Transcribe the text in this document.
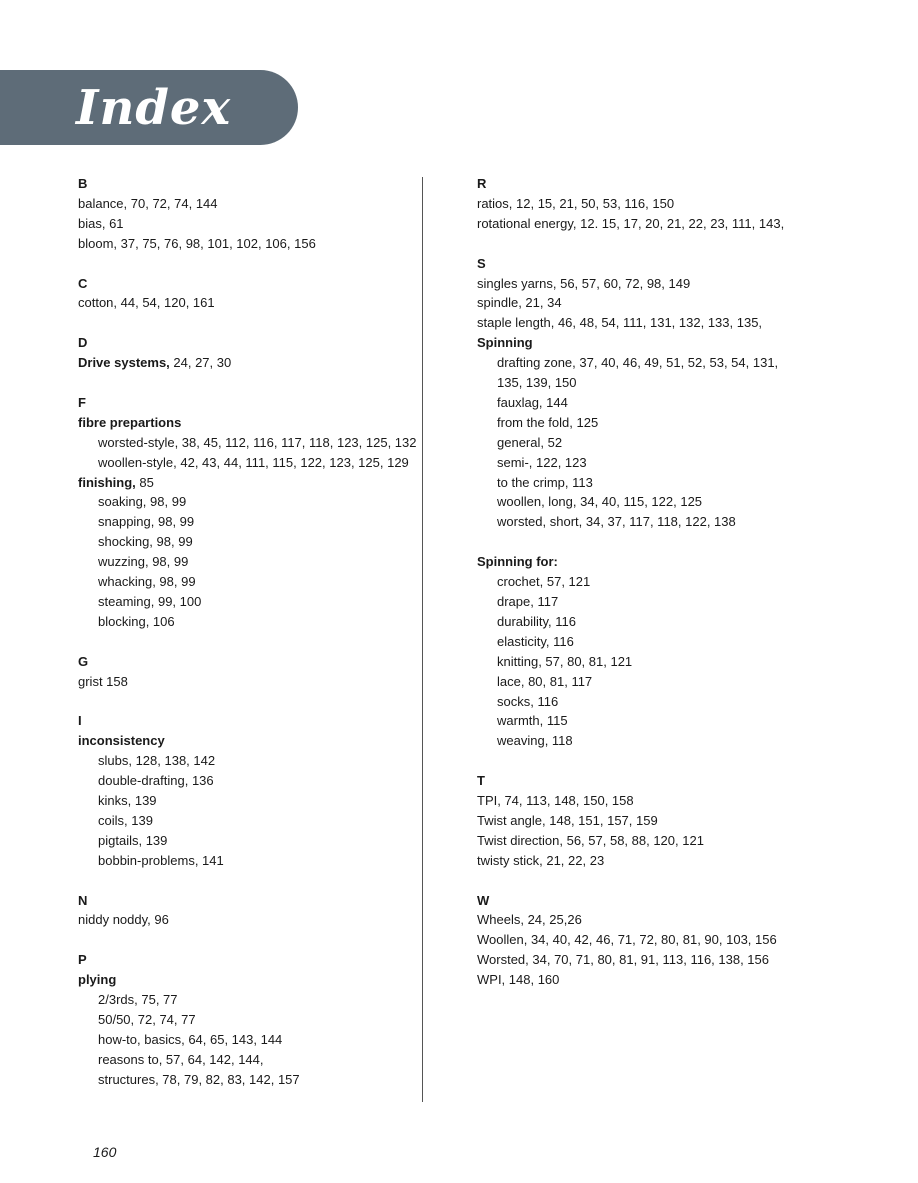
Index
B
balance, 70, 72, 74, 144
bias, 61
bloom, 37, 75, 76, 98, 101, 102, 106, 156
C
cotton, 44, 54, 120, 161
D
Drive systems, 24, 27, 30
F
fibre prepartions
worsted-style, 38, 45, 112, 116, 117, 118, 123, 125, 132
woollen-style, 42, 43, 44, 111, 115, 122, 123, 125, 129
finishing, 85
soaking, 98, 99
snapping, 98, 99
shocking, 98, 99
wuzzing, 98, 99
whacking, 98, 99
steaming, 99, 100
blocking, 106
G
grist 158
I
inconsistency
slubs, 128, 138, 142
double-drafting, 136
kinks, 139
coils, 139
pigtails, 139
bobbin-problems, 141
N
niddy noddy, 96
P
plying
2/3rds, 75, 77
50/50, 72, 74, 77
how-to, basics, 64, 65, 143, 144
reasons to, 57, 64, 142, 144,
structures, 78, 79, 82, 83, 142, 157
R
ratios, 12, 15, 21, 50, 53, 116, 150
rotational energy, 12. 15, 17, 20, 21, 22, 23, 111, 143,
S
singles yarns, 56, 57, 60, 72, 98, 149
spindle, 21, 34
staple length, 46, 48, 54, 111, 131, 132, 133, 135,
Spinning
drafting zone, 37, 40, 46, 49, 51, 52, 53, 54, 131,
135, 139, 150
fauxlag, 144
from the fold, 125
general, 52
semi-, 122, 123
to the crimp, 113
woollen, long, 34, 40, 115, 122, 125
worsted, short, 34, 37, 117, 118, 122, 138
Spinning for:
crochet, 57, 121
drape, 117
durability, 116
elasticity, 116
knitting, 57, 80, 81, 121
lace, 80, 81, 117
socks, 116
warmth, 115
weaving, 118
T
TPI, 74, 113, 148, 150, 158
Twist angle, 148, 151, 157, 159
Twist direction, 56, 57, 58, 88, 120, 121
twisty stick, 21, 22, 23
W
Wheels, 24, 25,26
Woollen, 34, 40, 42, 46, 71, 72, 80, 81, 90, 103, 156
Worsted, 34, 70, 71, 80, 81, 91, 113, 116, 138, 156
WPI, 148, 160
160
